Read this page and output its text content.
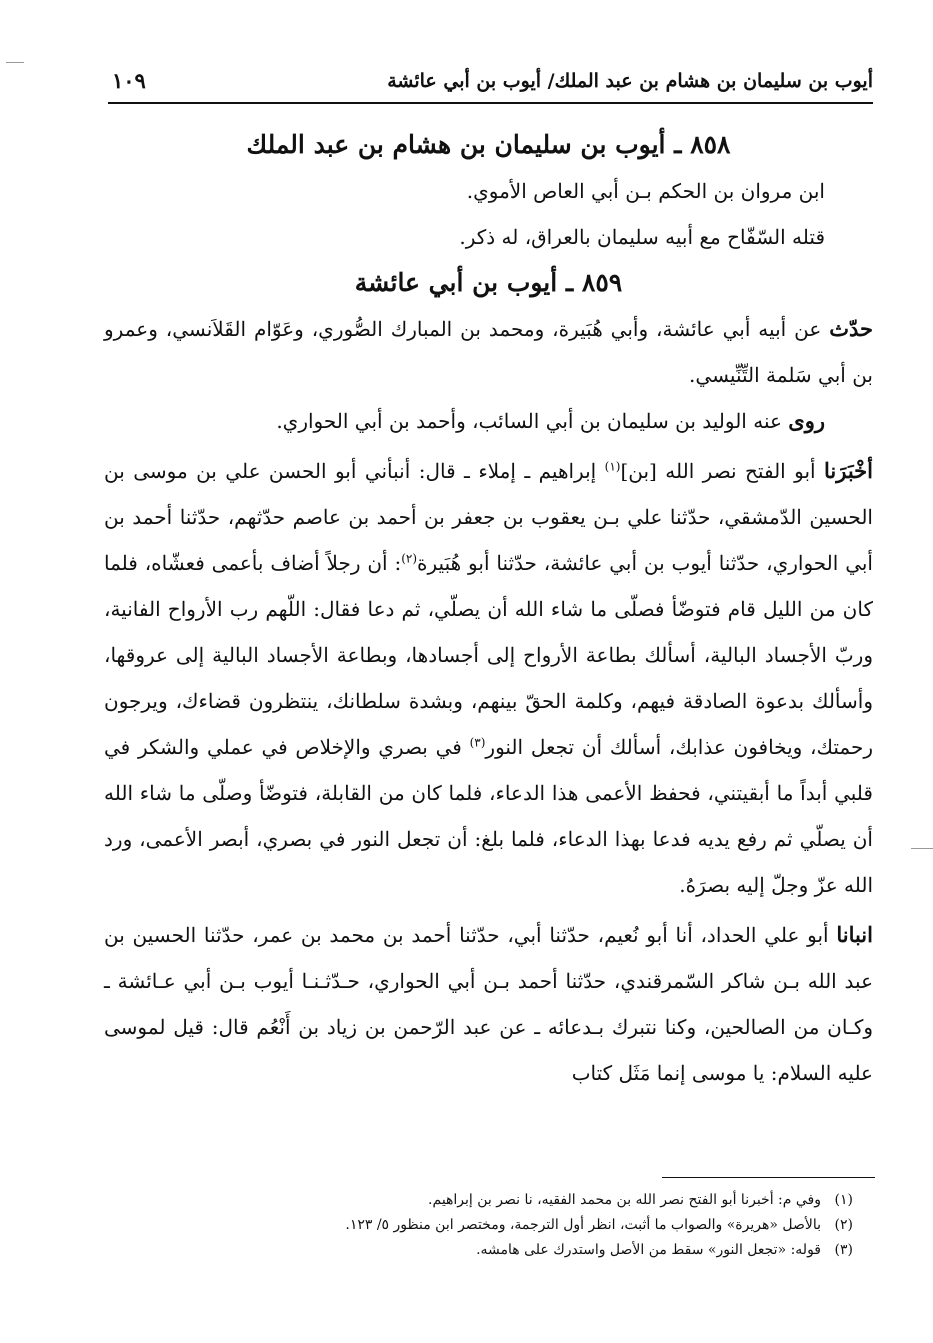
أيوب بن سليمان بن هشام بن عبد الملك/ أيوب بن أبي عائشة
١٠٩
٨٥٨ ـ أيوب بن سليمان بن هشام بن عبد الملك

ابن مروان بن الحكم بـن أبي العاص الأموي.

قتله السّفّاح مع أبيه سليمان بالعراق، له ذكر.

٨٥٩ ـ أيوب بن أبي عائشة

حدّث عن أبيه أبي عائشة، وأبي هُبَيرة، ومحمد بن المبارك الصُّوري، وعَوّام القَلاَنسي، وعمرو بن أبي سَلمة التِّنِّيسي.

روى عنه الوليد بن سليمان بن أبي السائب، وأحمد بن أبي الحواري.

أخْبَرَنا أبو الفتح نصر الله [بن]$^{(١)}$ إبراهيم ـ إملاء ـ قال: أنبأني أبو الحسن علي بن موسى بن الحسين الدّمشقي، حدّثنا علي بـن يعقوب بن جعفر بن أحمد بن عاصم حدّثهم، حدّثنا أحمد بن أبي الحواري، حدّثنا أيوب بن أبي عائشة، حدّثنا أبو هُبَيرة$^{(٢)}$: أن رجلاً أضاف بأعمى فعشّاه، فلما كان من الليل قام فتوضّأ فصلّى ما شاء الله أن يصلّي، ثم دعا فقال: اللّهم رب الأرواح الفانية، وربّ الأجساد البالية، أسألك بطاعة الأرواح إلى أجسادها، وبطاعة الأجساد البالية إلى عروقها، وأسألك بدعوة الصادقة فيهم، وكلمة الحقّ بينهم، وبشدة سلطانك، ينتظرون قضاءك، ويرجون رحمتك، ويخافون عذابك، أسألك أن تجعل النور$^{(٣)}$ في بصري والإخلاص في عملي والشكر في قلبي أبداً ما أبقيتني، فحفظ الأعمى هذا الدعاء، فلما كان من القابلة، فتوضّأ وصلّى ما شاء الله أن يصلّي ثم رفع يديه فدعا بهذا الدعاء، فلما بلغ: أن تجعل النور في بصري، أبصر الأعمى، ورد الله عزّ وجلّ إليه بصرَهُ.

انبانا أبو علي الحداد، أنا أبو نُعيم، حدّثنا أبي، حدّثنا أحمد بن محمد بن عمر، حدّثنا الحسين بن عبد الله بـن شاكر السّمرقندي، حدّثنا أحمد بـن أبي الحواري، حـدّثـنـا أيوب بـن أبي عـائشة ـ وكـان من الصالحين، وكنا نتبرك بـدعائه ـ عن عبد الرّحمن بن زياد بن أَنْعُم قال: قيل لموسى عليه السلام: يا موسى إنما مَثَل كتاب

(١)وفي م: أخبرنا أبو الفتح نصر الله بن محمد الفقيه، نا نصر بن إبراهيم.
(٢)بالأصل «هريرة» والصواب ما أثبت، انظر أول الترجمة، ومختصر ابن منظور ٥/ ١٢٣.
(٣)قوله: «تجعل النور» سقط من الأصل واستدرك على هامشه.
